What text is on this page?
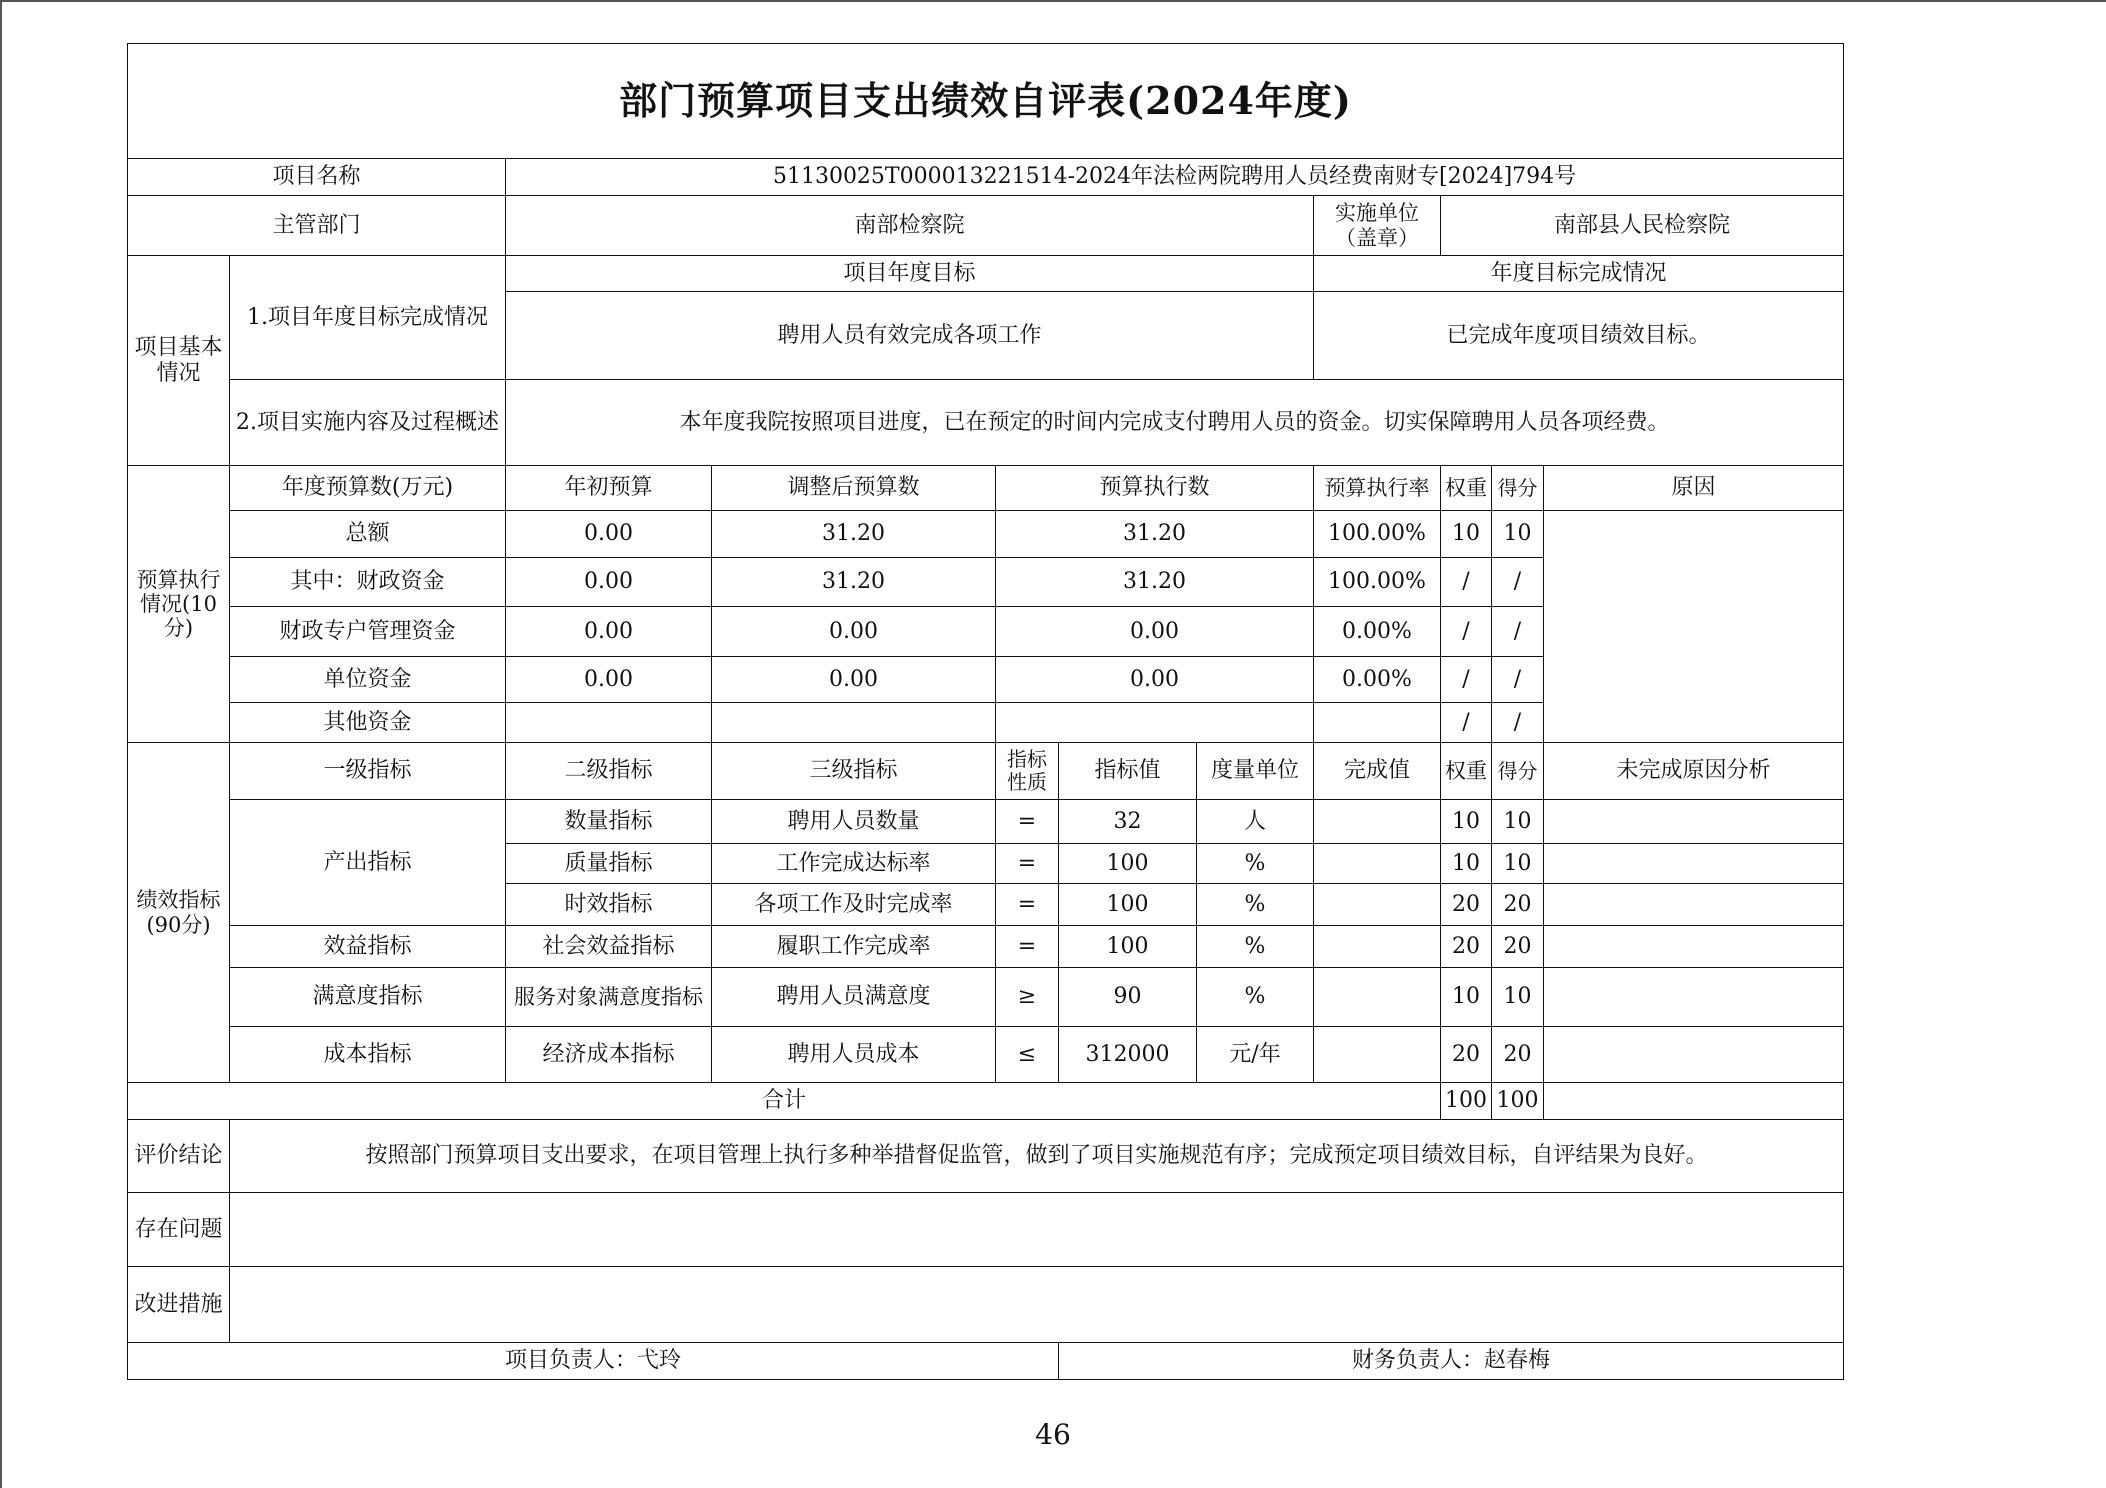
部门预算项目支出绩效自评表(2024年度)										
项目名称		51130025T000013221514-2024年法检两院聘用人员经费南财专[2024]794号								
主管部门		南部检察院					实施单位（盖章）	南部县人民检察院		
项目基本情况	1.项目年度目标完成情况	项目年度目标					年度目标完成情况			
		聘用人员有效完成各项工作					已完成年度项目绩效目标。			
	2.项目实施内容及过程概述	本年度我院按照项目进度，已在预定的时间内完成支付聘用人员的资金。切实保障聘用人员各项经费。								

预算执行情况(10分)	年度预算数(万元)	年初预算	调整后预算数	预算执行数			预算执行率	权重	得分	原因
	总额	0.00	31.20	31.20			100.00%	10	10	
	其中：财政资金	0.00	31.20	31.20			100.00%	/	/	
	财政专户管理资金	0.00	0.00	0.00			0.00%	/	/	
	单位资金	0.00	0.00	0.00			0.00%	/	/	
	其他资金							/	/	
绩效指标(90分)	一级指标	二级指标	三级指标	指标性质	指标值	度量单位	完成值	权重	得分	未完成原因分析
	产出指标	数量指标	聘用人员数量	=	32	人		10	10	
		质量指标	工作完成达标率	=	100	%		10	10	
		时效指标	各项工作及时完成率	=	100	%		20	20	
	效益指标	社会效益指标	履职工作完成率	=	100	%		20	20	
	满意度指标	服务对象满意度指标	聘用人员满意度	≥	90	%		10	10	
	成本指标	经济成本指标	聘用人员成本	≤	312000	元/年		20	20	
合计								100	100	
评价结论	按照部门预算项目支出要求，在项目管理上执行多种举措督促监管，做到了项目实施规范有序；完成预定项目绩效目标，自评结果为良好。									
存在问题										
改进措施										
项目负责人：弋玲					财务负责人：赵春梅					
46
